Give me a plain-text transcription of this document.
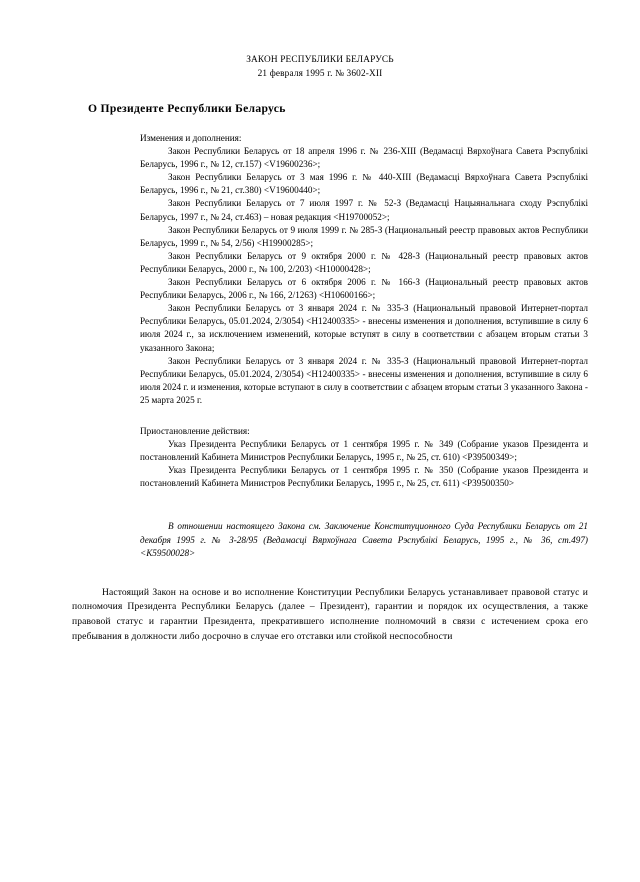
ЗАКОН РЕСПУБЛИКИ БЕЛАРУСЬ
21 февраля 1995 г. № 3602-XII
О Президенте Республики Беларусь

Изменения и дополнения:

Закон Республики Беларусь от 18 апреля 1996 г. № 236-XIII (Ведамасці Вярхоўнага Савета Рэспублікі Беларусь, 1996 г., № 12, ст.157) <V19600236>;

Закон Республики Беларусь от 3 мая 1996 г. № 440-XIII (Ведамасці Вярхоўнага Савета Рэспублікі Беларусь, 1996 г., № 21, ст.380) <V19600440>;

Закон Республики Беларусь от 7 июля 1997 г. № 52-З (Ведамасці Нацыянальнага сходу Рэспублікі Беларусь, 1997 г., № 24, ст.463) – новая редакция <Н19700052>;

Закон Республики Беларусь от 9 июля 1999 г. № 285-З (Национальный реестр правовых актов Республики Беларусь, 1999 г., № 54, 2/56) <Н19900285>;

Закон Республики Беларусь от 9 октября 2000 г. № 428-З (Национальный реестр правовых актов Республики Беларусь, 2000 г., № 100, 2/203) <Н10000428>;

Закон Республики Беларусь от 6 октября 2006 г. № 166-З (Национальный реестр правовых актов Республики Беларусь, 2006 г., № 166, 2/1263) <Н10600166>;

Закон Республики Беларусь от 3 января 2024 г. № 335-З (Национальный правовой Интернет-портал Республики Беларусь, 05.01.2024, 2/3054) <Н12400335> - внесены изменения и дополнения, вступившие в силу 6 июля 2024 г., за исключением изменений, которые вступят в силу в соответствии с абзацем вторым статьи 3 указанного Закона;

Закон Республики Беларусь от 3 января 2024 г. № 335-З (Национальный правовой Интернет-портал Республики Беларусь, 05.01.2024, 2/3054) <Н12400335> - внесены изменения и дополнения, вступившие в силу 6 июля 2024 г. и изменения, которые вступают в силу в соответствии с абзацем вторым статьи 3 указанного Закона - 25 марта 2025 г.

Приостановление действия:

Указ Президента Республики Беларусь от 1 сентября 1995 г. № 349 (Собрание указов Президента и постановлений Кабинета Министров Республики Беларусь, 1995 г., № 25, ст. 610) <Р39500349>;

Указ Президента Республики Беларусь от 1 сентября 1995 г. № 350 (Собрание указов Президента и постановлений Кабинета Министров Республики Беларусь, 1995 г., № 25, ст. 611) <Р39500350>

В отношении настоящего Закона см. Заключение Конституционного Суда Республики Беларусь от 21 декабря 1995 г. № З-28/95 (Ведамасці Вярхоўнага Савета Рэспублікі Беларусь, 1995 г., № 36, ст.497) <К59500028>
Настоящий Закон на основе и во исполнение Конституции Республики Беларусь устанавливает правовой статус и полномочия Президента Республики Беларусь (далее – Президент), гарантии и порядок их осуществления, а также правовой статус и гарантии Президента, прекратившего исполнение полномочий в связи с истечением срока его пребывания в должности либо досрочно в случае его отставки или стойкой неспособности
